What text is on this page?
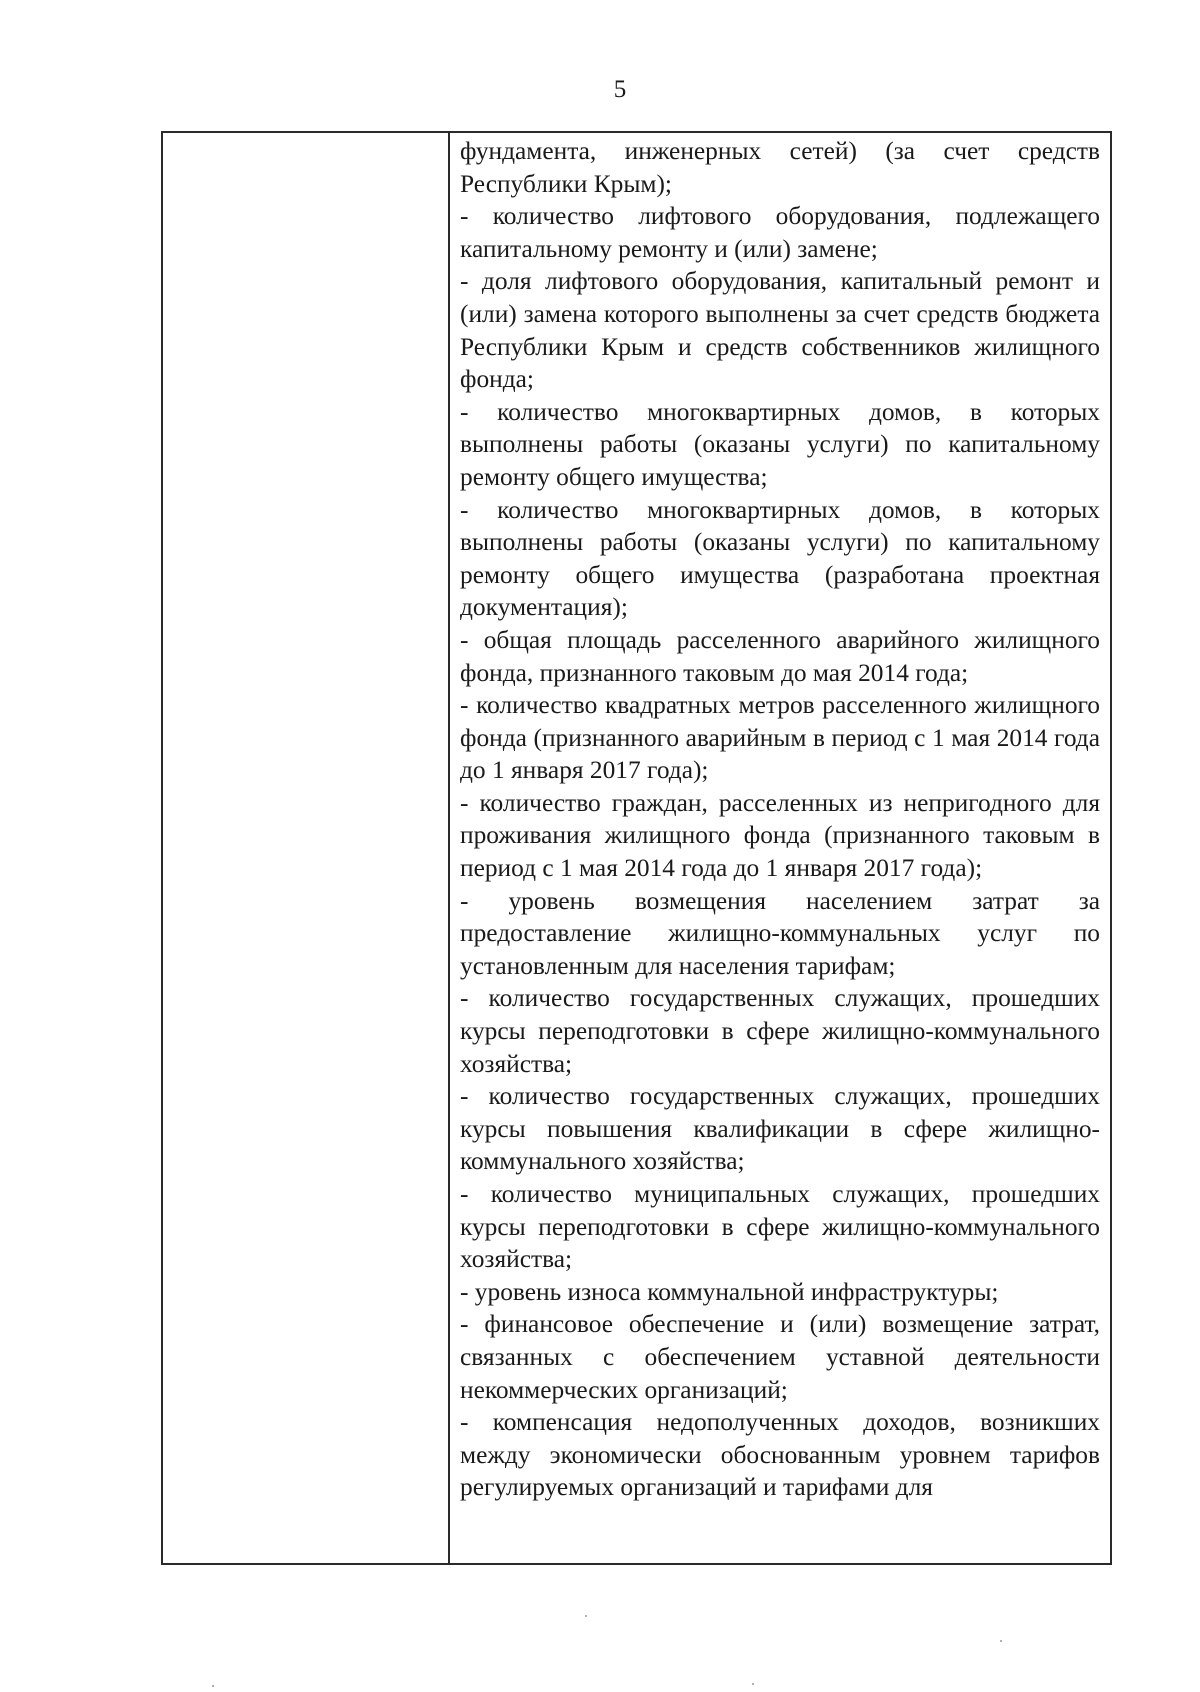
5

фундамента, инженерных сетей) (за счет средств Республики Крым);

- количество лифтового оборудования, подлежащего капитальному ремонту и (или) замене;

- доля лифтового оборудования, капитальный ремонт и (или) замена которого выполнены за счет средств бюджета Республики Крым и средств собственников жилищного фонда;

- количество многоквартирных домов, в которых выполнены работы (оказаны услуги) по капитальному ремонту общего имущества;

- количество многоквартирных домов, в которых выполнены работы (оказаны услуги) по капитальному ремонту общего имущества (разработана проектная документация);

- общая площадь расселенного аварийного жилищного фонда, признанного таковым до мая 2014 года;

- количество квадратных метров расселенного жилищного фонда (признанного аварийным в период с 1 мая 2014 года до 1 января 2017 года);

- количество граждан, расселенных из непригодного для проживания жилищного фонда (признанного таковым в период с 1 мая 2014 года до 1 января 2017 года);

- уровень возмещения населением затрат за предоставление жилищно-коммунальных услуг по установленным для населения тарифам;

- количество государственных служащих, прошедших курсы переподготовки в сфере жилищно-коммунального хозяйства;

- количество государственных служащих, прошедших курсы повышения квалификации в сфере жилищно-коммунального хозяйства;

- количество муниципальных служащих, прошедших курсы переподготовки в сфере жилищно-коммунального хозяйства;

- уровень износа коммунальной инфраструктуры;

- финансовое обеспечение и (или) возмещение затрат, связанных с обеспечением уставной деятельности некоммерческих организаций;

- компенсация недополученных доходов, возникших между экономически обоснованным уровнем тарифов регулируемых организаций и тарифами для
